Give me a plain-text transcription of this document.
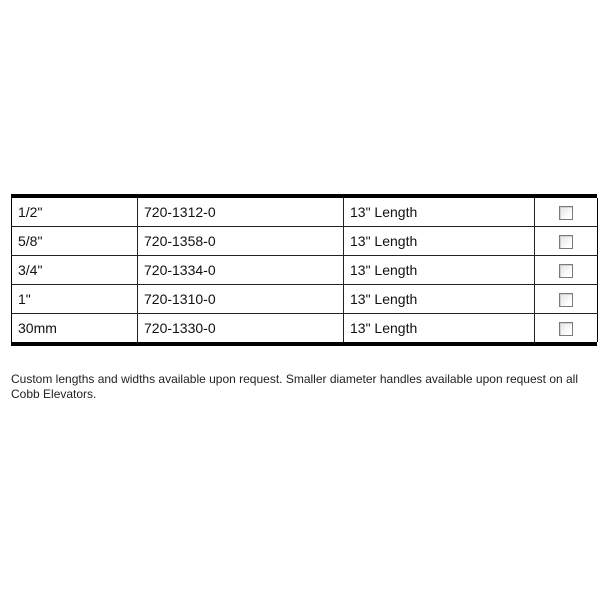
1/2"	720-1312-0	13" Length	
5/8"	720-1358-0	13" Length	
3/4"	720-1334-0	13" Length	
1"	720-1310-0	13" Length	
30mm	720-1330-0	13" Length	
Custom lengths and widths available upon request. Smaller diameter handles available upon request on all Cobb Elevators.
